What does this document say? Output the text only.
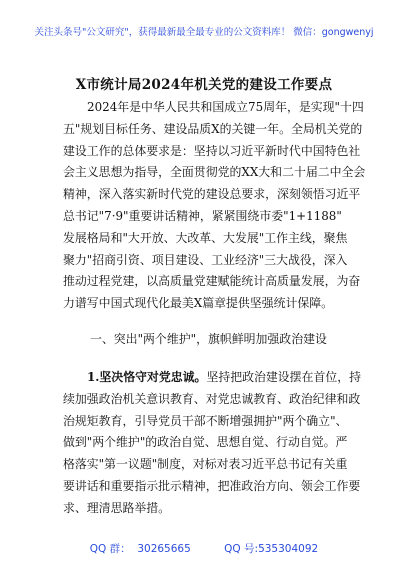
关注头条号"公文研究"，获得最新最全最专业的公文资料库！ 微信：gongwenyj
X市统计局2024年机关党的建设工作要点
2024年是中华人民共和国成立75周年，是实现"十四
五"规划目标任务、建设品质X的关键一年。全局机关党的
建设工作的总体要求是：坚持以习近平新时代中国特色社
会主义思想为指导，全面贯彻党的XX大和二十届二中全会
精神，深入落实新时代党的建设总要求，深刻领悟习近平
总书记"7·9"重要讲话精神，紧紧围绕市委"1+1188"
发展格局和"大开放、大改革、大发展"工作主线，聚焦
聚力"招商引资、项目建设、工业经济"三大战役，深入
推动过程党建，以高质量党建赋能统计高质量发展，为奋
力谱写中国式现代化最美X篇章提供坚强统计保障。
一、突出"两个维护"，旗帜鲜明加强政治建设
1.坚决恪守对党忠诚。坚持把政治建设摆在首位，持
续加强政治机关意识教育、对党忠诚教育、政治纪律和政
治规矩教育，引导党员干部不断增强拥护"两个确立"、
做到"两个维护"的政治自觉、思想自觉、行动自觉。严
格落实"第一议题"制度，对标对表习近平总书记有关重
要讲话和重要指示批示精神，把准政治方向、领会工作要
求、理清思路举措。
QQ 群：  30265665          QQ 号:535304092
